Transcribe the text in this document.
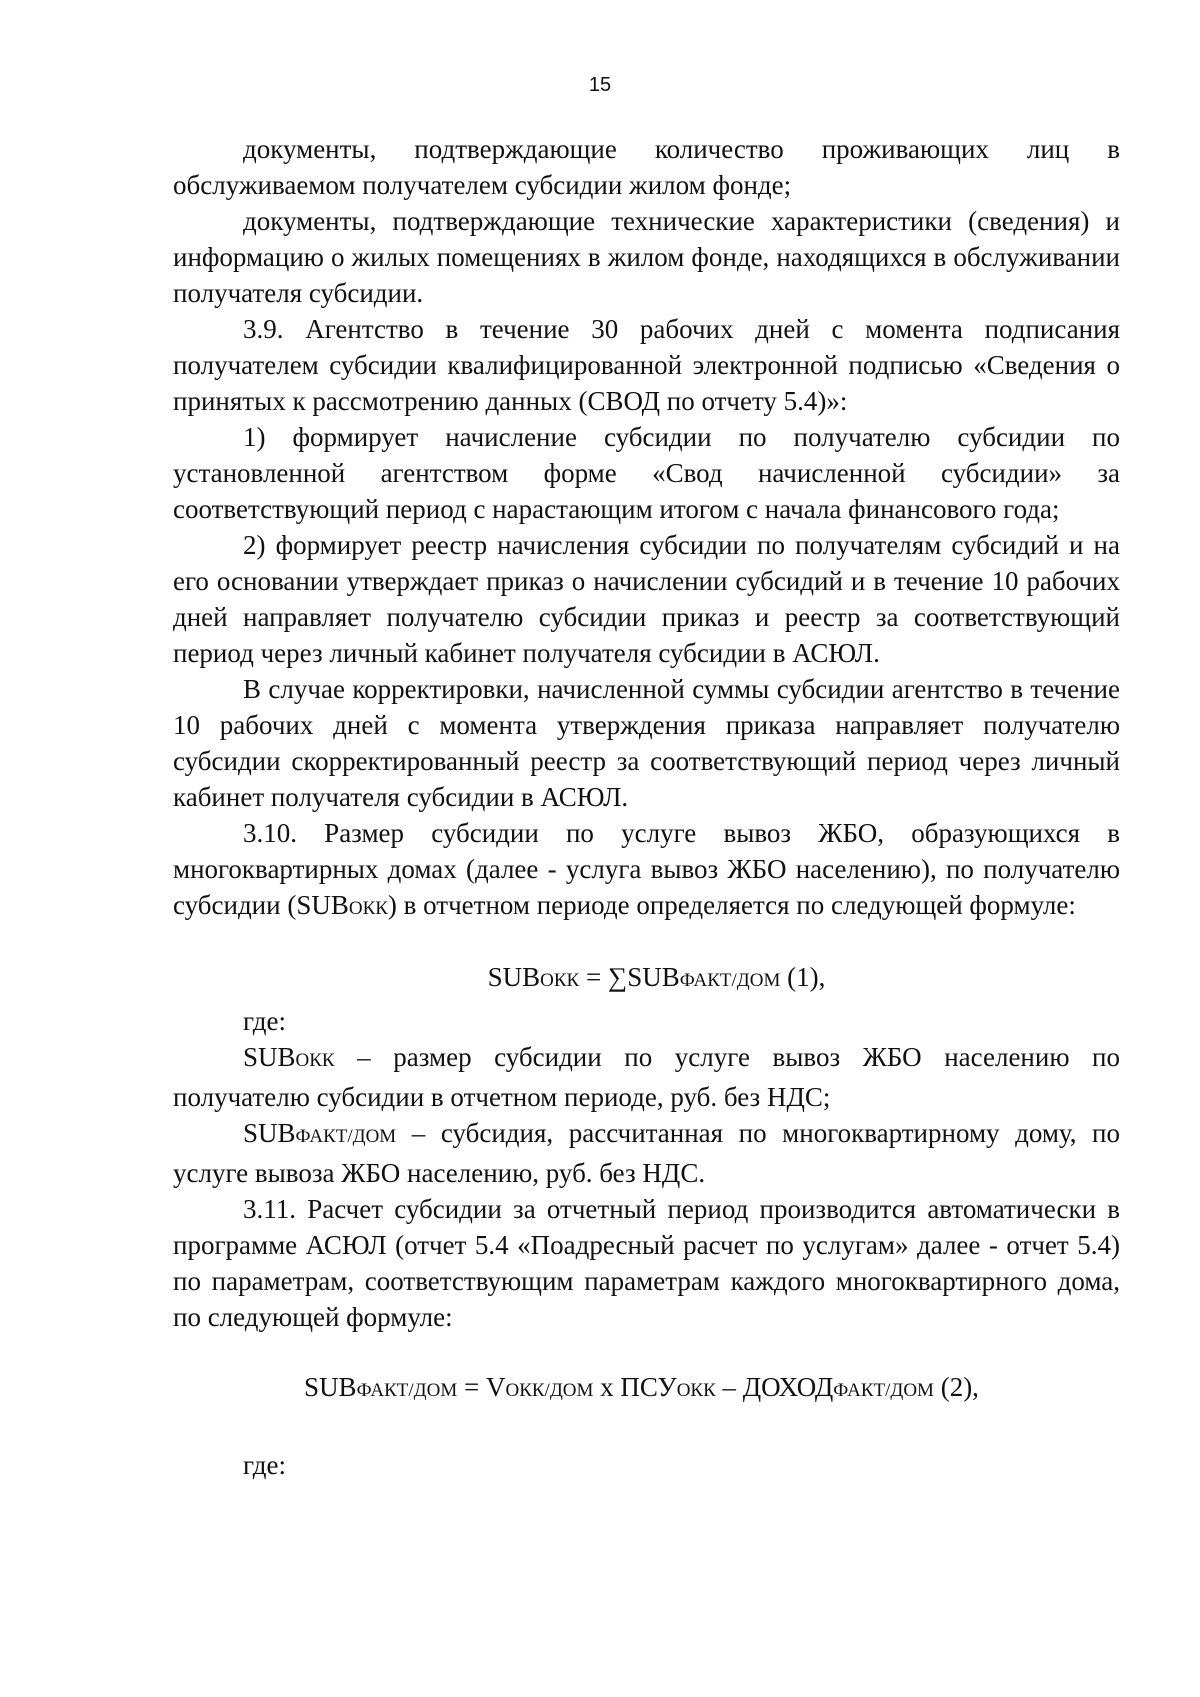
15

документы, подтверждающие количество проживающих лиц в обслуживаемом получателем субсидии жилом фонде;

документы, подтверждающие технические характеристики (сведения) и информацию о жилых помещениях в жилом фонде, находящихся в обслуживании получателя субсидии.

3.9. Агентство в течение 30 рабочих дней с момента подписания получателем субсидии квалифицированной электронной подписью «Сведения о принятых к рассмотрению данных (СВОД по отчету 5.4)»:

1) формирует начисление субсидии по получателю субсидии по установленной агентством форме «Свод начисленной субсидии» за соответствующий период с нарастающим итогом с начала финансового года;

2) формирует реестр начисления субсидии по получателям субсидий и на его основании утверждает приказ о начислении субсидий и в течение 10 рабочих дней направляет получателю субсидии приказ и реестр за соответствующий период через личный кабинет получателя субсидии в АСЮЛ.

В случае корректировки, начисленной суммы субсидии агентство в течение 10 рабочих дней с момента утверждения приказа направляет получателю субсидии скорректированный реестр за соответствующий период через личный кабинет получателя субсидии в АСЮЛ.

3.10. Размер субсидии по услуге вывоз ЖБО, образующихся в многоквартирных домах (далее - услуга вывоз ЖБО населению), по получателю субсидии (SUBОКК) в отчетном периоде определяется по следующей формуле:

SUBОКК = ∑SUBФАКТ/ДОМ (1),

где:

SUBОКК – размер субсидии по услуге вывоз ЖБО населению по получателю субсидии в отчетном периоде, руб. без НДС;

SUBФАКТ/ДОМ – субсидия, рассчитанная по многоквартирному дому, по услуге вывоза ЖБО населению, руб. без НДС.

3.11. Расчет субсидии за отчетный период производится автоматически в программе АСЮЛ (отчет 5.4 «Поадресный расчет по услугам» далее - отчет 5.4) по параметрам, соответствующим параметрам каждого многоквартирного дома, по следующей формуле:

SUBФАКТ/ДОМ = VОКК/ДОМ х ПСУОКК – ДОХОДФАКТ/ДОМ (2),

где:
